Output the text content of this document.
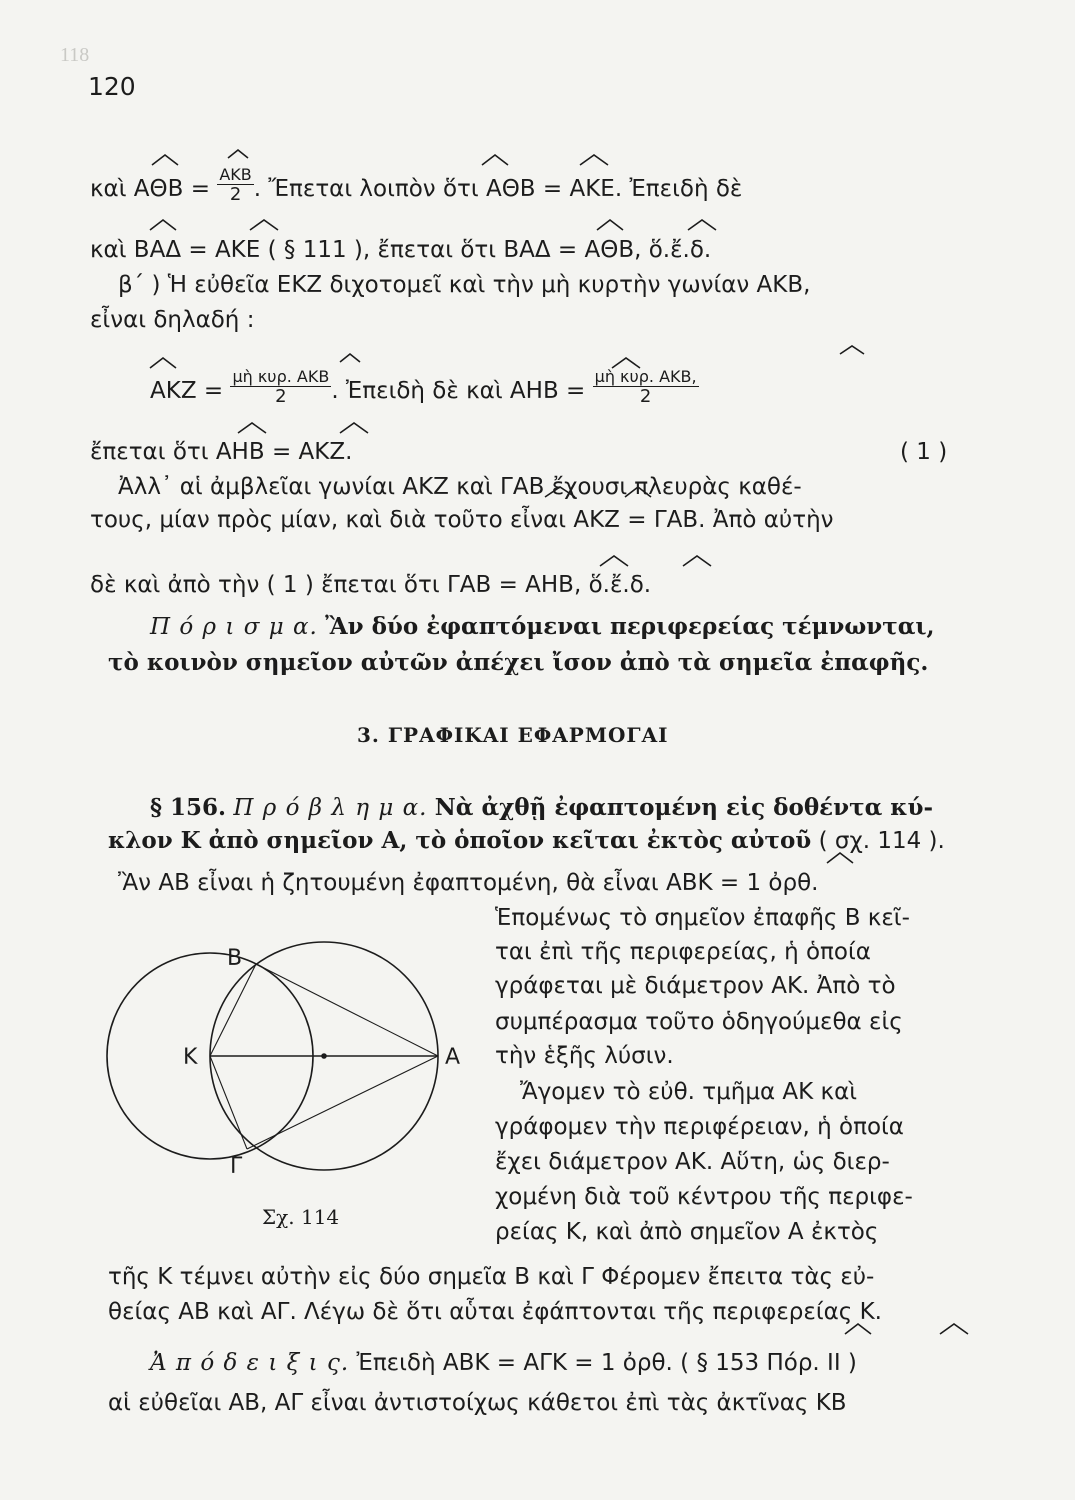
118
120
καὶ $A\Theta B = \frac{\text{ΑΚΒ}}{2}$ . Ἔπεται λοιπὸν ὅτι ΑΘΒ = ΑΚΕ. Ἐπειδὴ δὲ
καὶ ΒΑΔ = ΑΚΕ ( § 111 ), ἔπεται ὅτι ΒΑΔ = ΑΘΒ, ὅ.ἔ.δ.
β΄ ) Ἡ εὐθεῖα ΕΚΖ διχοτομεῖ καὶ τὴν μὴ κυρτὴν γωνίαν ΑΚΒ,
εἶναι δηλαδή :
$AKZ = \frac{\text{μὴ κυρ. ΑΚΒ}}{2}$ . Ἐπειδὴ δὲ καὶ $AHB = \frac{\text{μὴ κυρ. ΑΚΒ,}}{2}$
ἔπεται ὅτι ΑΗΒ = ΑΚΖ.	( 1 )
Ἀλλ᾿ αἱ ἀμβλεῖαι γωνίαι ΑΚΖ καὶ ΓΑΒ ἔχουσι πλευρὰς καθέ-
τους, μίαν πρὸς μίαν, καὶ διὰ τοῦτο εἶναι ΑΚΖ = ΓΑΒ. Ἀπὸ αὐτὴν
δὲ καὶ ἀπὸ τὴν ( 1 ) ἔπεται ὅτι ΓΑΒ = ΑΗΒ, ὅ.ἔ.δ.
Π ό ρ ι σ μ α. Ἂν δύο ἐφαπτόμεναι περιφερείας τέμνωνται,
τὸ κοινὸν σημεῖον αὐτῶν ἀπέχει ἴσον ἀπὸ τὰ σημεῖα ἐπαφῆς.
3. ΓΡΑΦΙΚΑΙ ΕΦΑΡΜΟΓΑΙ
§ 156. Π ρ ό β λ η μ α. Νὰ ἀχθῇ ἐφαπτομένη εἰς δοθέντα κύ-
κλον Κ ἀπὸ σημεῖον Α, τὸ ὁποῖον κεῖται ἐκτὸς αὐτοῦ ( σχ. 114 ).
Ἂν ΑΒ εἶναι ἡ ζητουμένη ἐφαπτομένη, θὰ εἶναι ΑΒΚ = 1 ὀρθ.
Ἑπομένως τὸ σημεῖον ἐπαφῆς Β κεῖ-
ται ἐπὶ τῆς περιφερείας, ἡ ὁποία
γράφεται μὲ διάμετρον ΑΚ. Ἀπὸ τὸ
συμπέρασμα τοῦτο ὁδηγούμεθα εἰς
τὴν ἑξῆς λύσιν.
Ἄγομεν τὸ εὐθ. τμῆμα ΑΚ καὶ
γράφομεν τὴν περιφέρειαν, ἡ ὁποία
ἔχει διάμετρον ΑΚ. Αὕτη, ὡς διερ-
χομένη διὰ τοῦ κέντρου τῆς περιφε-
ρείας Κ, καὶ ἀπὸ σημεῖον Α ἐκτὸς
Β
Κ	Α
Γ
Σχ. 114
τῆς Κ τέμνει αὐτὴν εἰς δύο σημεῖα Β καὶ Γ Φέρομεν ἔπειτα τὰς εὐ-
θείας ΑΒ καὶ ΑΓ. Λέγω δὲ ὅτι αὗται ἐφάπτονται τῆς περιφερείας Κ.
Ἀ π ό δ ε ι ξ ι ς. Ἐπειδὴ ΑΒΚ = ΑΓΚ = 1 ὀρθ. ( § 153 Πόρ. ΙΙ )
αἱ εὐθεῖαι ΑΒ, ΑΓ εἶναι ἀντιστοίχως κάθετοι ἐπὶ τὰς ἀκτῖνας ΚΒ
